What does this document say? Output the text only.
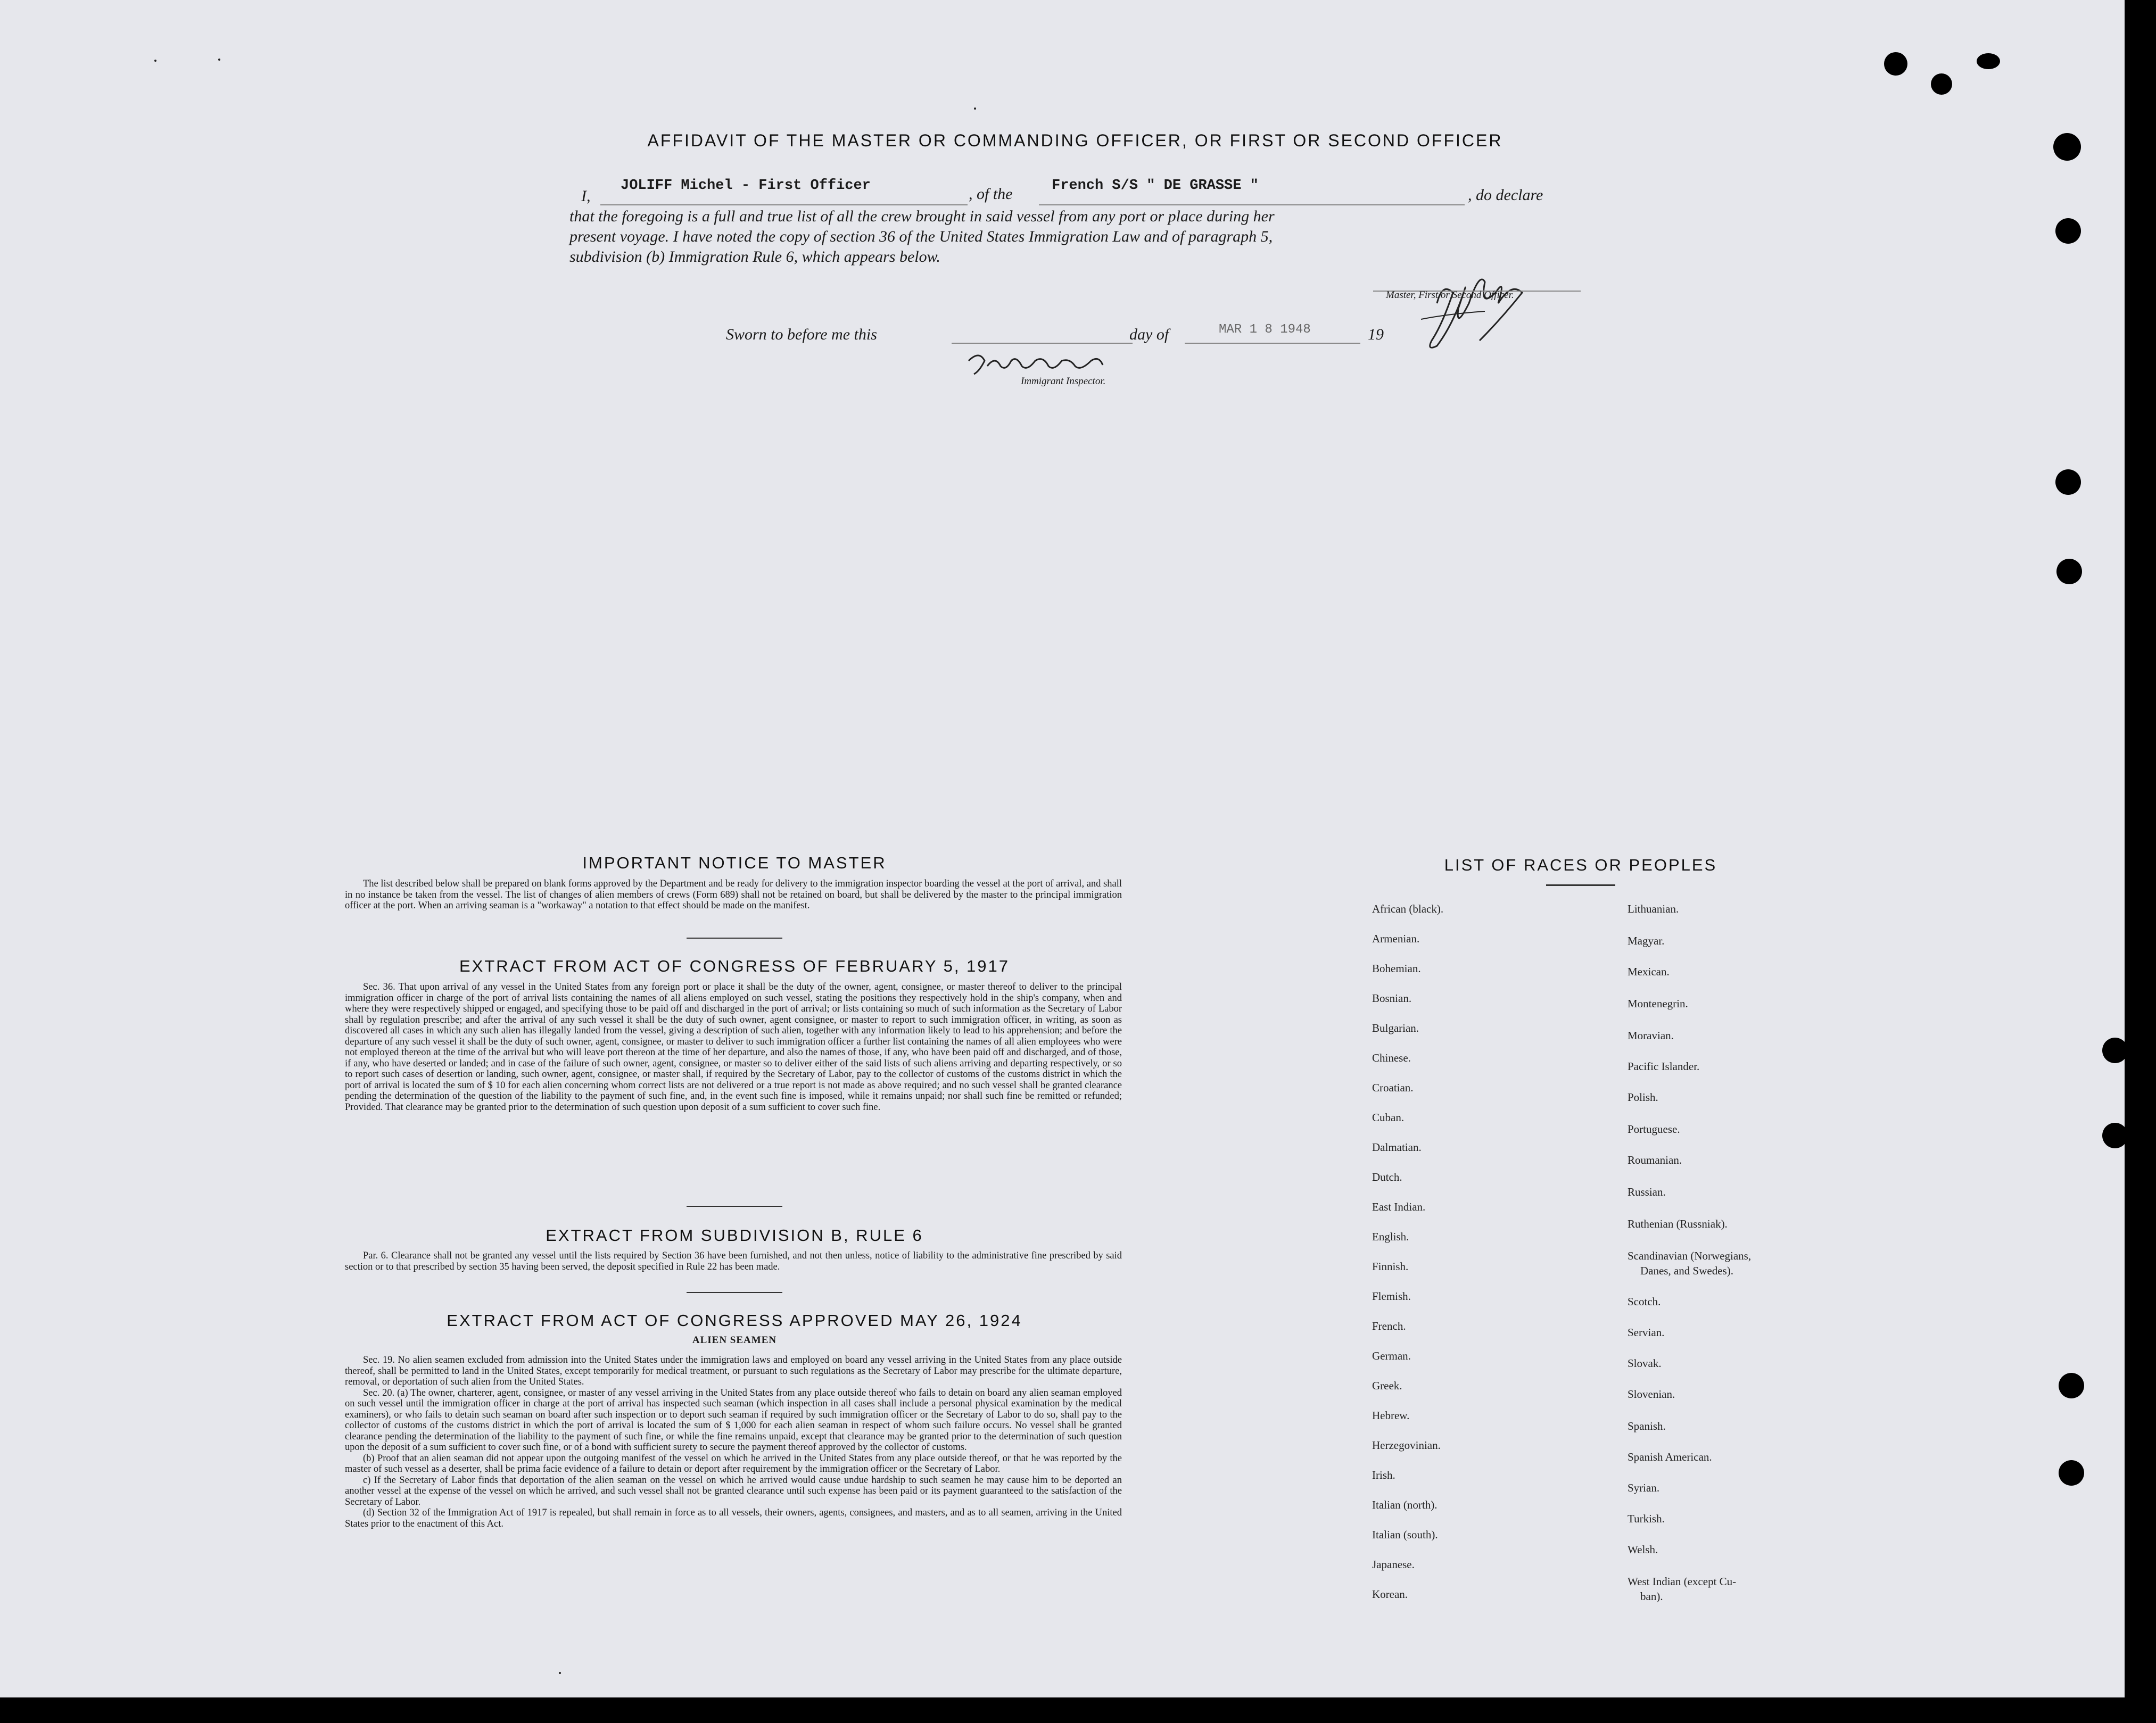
AFFIDAVIT OF THE MASTER OR COMMANDING OFFICER, OR FIRST OR SECOND OFFICER
I,
JOLIFF Michel - First Officer	, of the	French S/S " DE GRASSE "
, do declare
that the foregoing is a full and true list of all the crew brought in said vessel from any port or place during her
present voyage. I have noted the copy of section 36 of the United States Immigration Law and of paragraph 5,
subdivision (b) Immigration Rule 6, which appears below.
Master, First or Second Officer.
Sworn to before me this	day of	MAR 1 8 1948	19
Immigrant Inspector.
IMPORTANT NOTICE TO MASTER

The list described below shall be prepared on blank forms approved by the Department and be ready for delivery to the immigration inspector boarding the vessel at the port of arrival, and shall in no instance be taken from the vessel. The list of changes of alien members of crews (Form 689) shall not be retained on board, but shall be delivered by the master to the principal immigration officer at the port. When an arriving seaman is a "workaway" a notation to that effect should be made on the manifest.

EXTRACT FROM ACT OF CONGRESS OF FEBRUARY 5, 1917

Sec. 36. That upon arrival of any vessel in the United States from any foreign port or place it shall be the duty of the owner, agent, consignee, or master thereof to deliver to the principal immigration officer in charge of the port of arrival lists containing the names of all aliens employed on such vessel, stating the positions they respectively hold in the ship's company, when and where they were respectively shipped or engaged, and specifying those to be paid off and discharged in the port of arrival; or lists containing so much of such information as the Secretary of Labor shall by regulation prescribe; and after the arrival of any such vessel it shall be the duty of such owner, agent consignee, or master to report to such immigration officer, in writing, as soon as discovered all cases in which any such alien has illegally landed from the vessel, giving a description of such alien, together with any information likely to lead to his apprehension; and before the departure of any such vessel it shall be the duty of such owner, agent, consignee, or master to deliver to such immigration officer a further list containing the names of all alien employees who were not employed thereon at the time of the arrival but who will leave port thereon at the time of her departure, and also the names of those, if any, who have been paid off and discharged, and of those, if any, who have deserted or landed; and in case of the failure of such owner, agent, consignee, or master so to deliver either of the said lists of such aliens arriving and departing respectively, or so to report such cases of desertion or landing, such owner, agent, consignee, or master shall, if required by the Secretary of Labor, pay to the collector of customs of the customs district in which the port of arrival is located the sum of $ 10 for each alien concerning whom correct lists are not delivered or a true report is not made as above required; and no such vessel shall be granted clearance pending the determination of the question of the liability to the payment of such fine, and, in the event such fine is imposed, while it remains unpaid; nor shall such fine be remitted or refunded; Provided. That clearance may be granted prior to the determination of such question upon deposit of a sum sufficient to cover such fine.

EXTRACT FROM SUBDIVISION B, RULE 6

Par. 6. Clearance shall not be granted any vessel until the lists required by Section 36 have been furnished, and not then unless, notice of liability to the administrative fine prescribed by said section or to that prescribed by section 35 having been served, the deposit specified in Rule 22 has been made.

EXTRACT FROM ACT OF CONGRESS APPROVED MAY 26, 1924
ALIEN SEAMEN

Sec. 19. No alien seamen excluded from admission into the United States under the immigration laws and employed on board any vessel arriving in the United States from any place outside thereof, shall be permitted to land in the United States, except temporarily for medical treatment, or pursuant to such regulations as the Secretary of Labor may prescribe for the ultimate departure, removal, or deportation of such alien from the United States.

Sec. 20. (a) The owner, charterer, agent, consignee, or master of any vessel arriving in the United States from any place outside thereof who fails to detain on board any alien seaman employed on such vessel until the immigration officer in charge at the port of arrival has inspected such seaman (which inspection in all cases shall include a personal physical examination by the medical examiners), or who fails to detain such seaman on board after such inspection or to deport such seaman if required by such immigration officer or the Secretary of Labor to do so, shall pay to the collector of customs of the customs district in which the port of arrival is located the sum of $ 1,000 for each alien seaman in respect of whom such failure occurs. No vessel shall be granted clearance pending the determination of the liability to the payment of such fine, or while the fine remains unpaid, except that clearance may be granted prior to the determination of such question upon the deposit of a sum sufficient to cover such fine, or of a bond with sufficient surety to secure the payment thereof approved by the collector of customs.

(b) Proof that an alien seaman did not appear upon the outgoing manifest of the vessel on which he arrived in the United States from any place outside thereof, or that he was reported by the master of such vessel as a deserter, shall be prima facie evidence of a failure to detain or deport after requirement by the immigration officer or the Secretary of Labor.

c) If the Secretary of Labor finds that deportation of the alien seaman on the vessel on which he arrived would cause undue hardship to such seamen he may cause him to be deported an another vessel at the expense of the vessel on which he arrived, and such vessel shall not be granted clearance until such expense has been paid or its payment guaranteed to the satisfaction of the Secretary of Labor.

(d) Section 32 of the Immigration Act of 1917 is repealed, but shall remain in force as to all vessels, their owners, agents, consignees, and masters, and as to all seamen, arriving in the United States prior to the enactment of this Act.

LIST OF RACES OR PEOPLES
African (black).
Armenian.
Bohemian.
Bosnian.
Bulgarian.
Chinese.
Croatian.
Cuban.
Dalmatian.
Dutch.
East Indian.
English.
Finnish.
Flemish.
French.
German.
Greek.
Hebrew.
Herzegovinian.
Irish.
Italian (north).
Italian (south).
Japanese.
Korean.
Lithuanian.
Magyar.
Mexican.
Montenegrin.
Moravian.
Pacific Islander.
Polish.
Portuguese.
Roumanian.
Russian.
Ruthenian (Russniak).
Scandinavian (Norwegians,
Danes, and Swedes).
Scotch.
Servian.
Slovak.
Slovenian.
Spanish.
Spanish American.
Syrian.
Turkish.
Welsh.
West Indian (except Cu-
ban).
